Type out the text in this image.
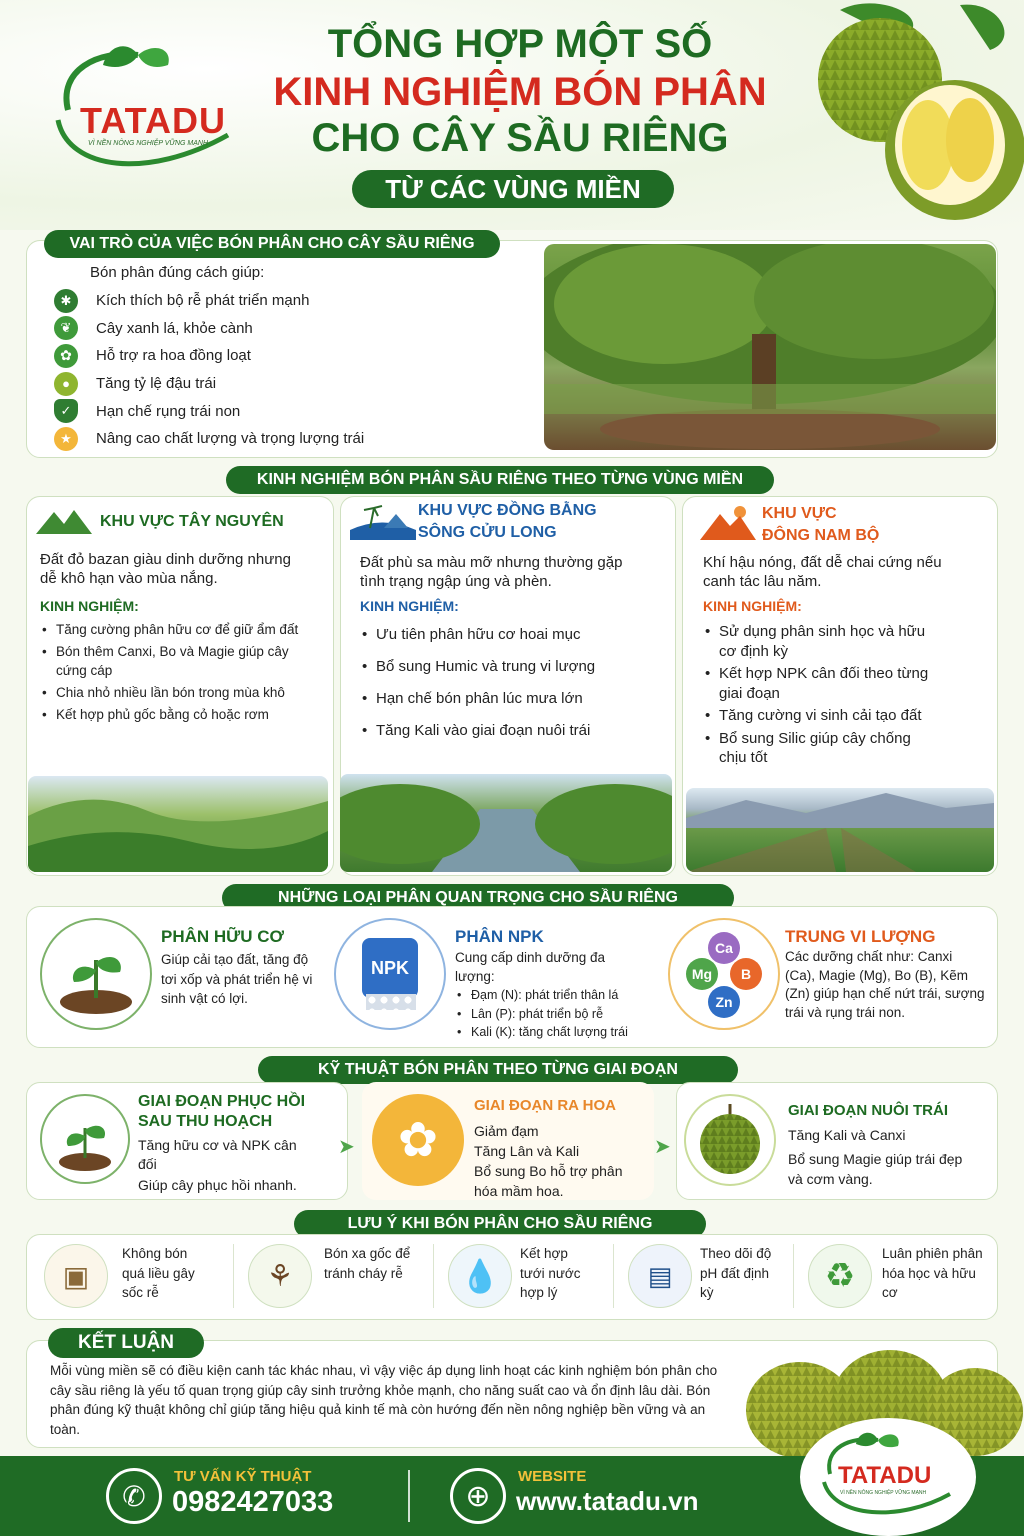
TATADU
VÌ NỀN NÔNG NGHIỆP VỮNG MẠNH
TỔNG HỢP MỘT SỐ
KINH NGHIỆM BÓN PHÂN
CHO CÂY SẦU RIÊNG
TỪ CÁC VÙNG MIỀN
VAI TRÒ CỦA VIỆC BÓN PHÂN CHO CÂY SẦU RIÊNG
Bón phân đúng cách giúp:
✱	Kích thích bộ rễ phát triển mạnh
❦	Cây xanh lá, khỏe cành
✿	Hỗ trợ ra hoa đồng loạt
●	Tăng tỷ lệ đậu trái
✓	Hạn chế rụng trái non
★	Nâng cao chất lượng và trọng lượng trái
KINH NGHIỆM BÓN PHÂN SẦU RIÊNG THEO TỪNG VÙNG MIỀN
KHU VỰC TÂY NGUYÊN
Đất đỏ bazan giàu dinh dưỡng nhưng dễ khô hạn vào mùa nắng.
KINH NGHIỆM:
• Tăng cường phân hữu cơ để giữ ẩm đất
• Bón thêm Canxi, Bo và Magie giúp cây cứng cáp
• Chia nhỏ nhiều lần bón trong mùa khô
• Kết hợp phủ gốc bằng cỏ hoặc rơm
KHU VỰC ĐỒNG BẰNG
SÔNG CỬU LONG
Đất phù sa màu mỡ nhưng thường gặp tình trạng ngập úng và phèn.
KINH NGHIỆM:
• Ưu tiên phân hữu cơ hoai mục
• Bổ sung Humic và trung vi lượng
• Hạn chế bón phân lúc mưa lớn
• Tăng Kali vào giai đoạn nuôi trái
KHU VỰC
ĐÔNG NAM BỘ
Khí hậu nóng, đất dễ chai cứng nếu canh tác lâu năm.
KINH NGHIỆM:
• Sử dụng phân sinh học và hữu cơ định kỳ
• Kết hợp NPK cân đối theo từng giai đoạn
• Tăng cường vi sinh cải tạo đất
• Bổ sung Silic giúp cây chống chịu tốt
NHỮNG LOẠI PHÂN QUAN TRỌNG CHO SẦU RIÊNG
PHÂN HỮU CƠ
Giúp cải tạo đất, tăng độ tơi xốp và phát triển hệ vi sinh vật có lợi.
NPK
PHÂN NPK
Cung cấp dinh dưỡng đa lượng:
• Đạm (N): phát triển thân lá
• Lân (P): phát triển bộ rễ
• Kali (K): tăng chất lượng trái
Ca
Mg	B
Zn
TRUNG VI LƯỢNG
Các dưỡng chất như: Canxi (Ca), Magie (Mg), Bo (B), Kẽm (Zn) giúp hạn chế nứt trái, sượng trái và rụng trái non.
KỸ THUẬT BÓN PHÂN THEO TỪNG GIAI ĐOẠN
GIAI ĐOẠN PHỤC HỒI SAU THU HOẠCH
Tăng hữu cơ và NPK cân đối
Giúp cây phục hồi nhanh.
➤ ✿
GIAI ĐOẠN RA HOA
Giảm đạm
Tăng Lân và Kali
Bổ sung Bo hỗ trợ phân hóa mầm hoa.
➤
GIAI ĐOẠN NUÔI TRÁI
Tăng Kali và Canxi
Bổ sung Magie giúp trái đẹp và cơm vàng.
LƯU Ý KHI BÓN PHÂN CHO SẦU RIÊNG
▣
Không bón quá liều gây sốc rễ	⚘
Bón xa gốc để tránh cháy rễ	💧
Kết hợp tưới nước hợp lý
▤
Theo dõi độ pH đất định kỳ	♻
Luân phiên phân hóa học và hữu cơ
KẾT LUẬN
Mỗi vùng miền sẽ có điều kiện canh tác khác nhau, vì vậy việc áp dụng linh hoạt các kinh nghiệm bón phân cho cây sầu riêng là yếu tố quan trọng giúp cây sinh trưởng khỏe mạnh, cho năng suất cao và ổn định lâu dài. Bón phân đúng kỹ thuật không chỉ giúp tăng hiệu quả kinh tế mà còn hướng đến nền nông nghiệp bền vững và an toàn.
✆
TƯ VẤN KỸ THUẬT
0982427033	⊕
WEBSITE
www.tatadu.vn
TATADU
VÌ NỀN NÔNG NGHIỆP VỮNG MẠNH
